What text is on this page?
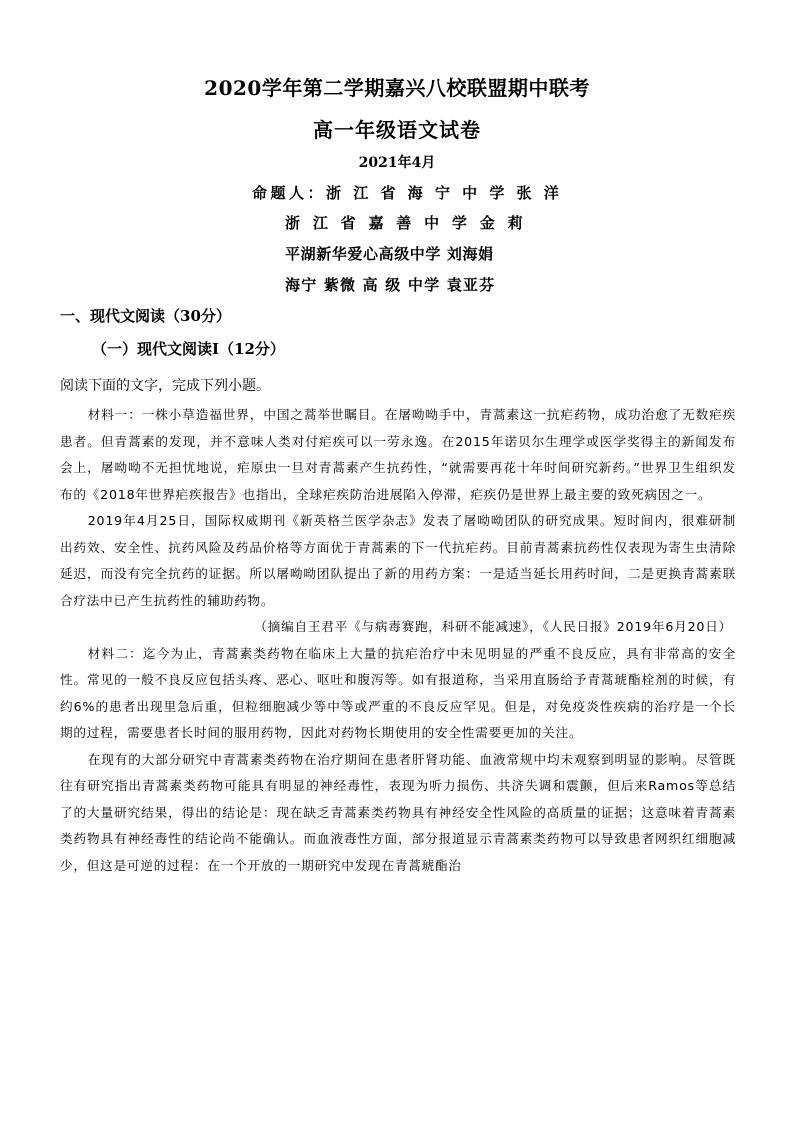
2020学年第二学期嘉兴八校联盟期中联考
高一年级语文试卷
2021年4月
命题人：浙 江 省 海 宁 中 学 张 洋
浙 江 省 嘉 善 中 学 金 莉
平湖新华爱心高级中学 刘海娟
海宁 紫微 高 级 中学 袁亚芬
一、现代文阅读（30分）
（一）现代文阅读Ⅰ（12分）
阅读下面的文字，完成下列小题。

材料一：一株小草造福世界，中国之蒿举世瞩目。在屠呦呦手中，青蒿素这一抗疟药物，成功治愈了无数疟疾患者。但青蒿素的发现，并不意味人类对付疟疾可以一劳永逸。在2015年诺贝尔生理学或医学奖得主的新闻发布会上，屠呦呦不无担忧地说，疟原虫一旦对青蒿素产生抗药性，“就需要再花十年时间研究新药。”世界卫生组织发布的《2018年世界疟疾报告》也指出，全球疟疾防治进展陷入停滞，疟疾仍是世界上最主要的致死病因之一。

2019年4月25日，国际权威期刊《新英格兰医学杂志》发表了屠呦呦团队的研究成果。短时间内，很难研制出药效、安全性、抗药风险及药品价格等方面优于青蒿素的下一代抗疟药。目前青蒿素抗药性仅表现为寄生虫清除延迟，而没有完全抗药的证据。所以屠呦呦团队提出了新的用药方案：一是适当延长用药时间，二是更换青蒿素联合疗法中已产生抗药性的辅助药物。

（摘编自王君平《与病毒赛跑，科研不能减速》，《人民日报》2019年6月20日）

材料二：迄今为止，青蒿素类药物在临床上大量的抗疟治疗中未见明显的严重不良反应，具有非常高的安全性。常见的一般不良反应包括头疼、恶心、呕吐和腹泻等。如有报道称，当采用直肠给予青蒿琥酯栓剂的时候，有约6%的患者出现里急后重，但粒细胞减少等中等或严重的不良反应罕见。但是，对免疫炎性疾病的治疗是一个长期的过程，需要患者长时间的服用药物，因此对药物长期使用的安全性需要更加的关注。

在现有的大部分研究中青蒿素类药物在治疗期间在患者肝肾功能、血液常规中均未观察到明显的影响。尽管既往有研究指出青蒿素类药物可能具有明显的神经毒性，表现为听力损伤、共济失调和震颤，但后来Ramos等总结了的大量研究结果，得出的结论是：现在缺乏青蒿素类药物具有神经安全性风险的高质量的证据；这意味着青蒿素类药物具有神经毒性的结论尚不能确认。而血液毒性方面，部分报道显示青蒿素类药物可以导致患者网织红细胞减少，但这是可逆的过程：在一个开放的一期研究中发现在青蒿琥酯治
